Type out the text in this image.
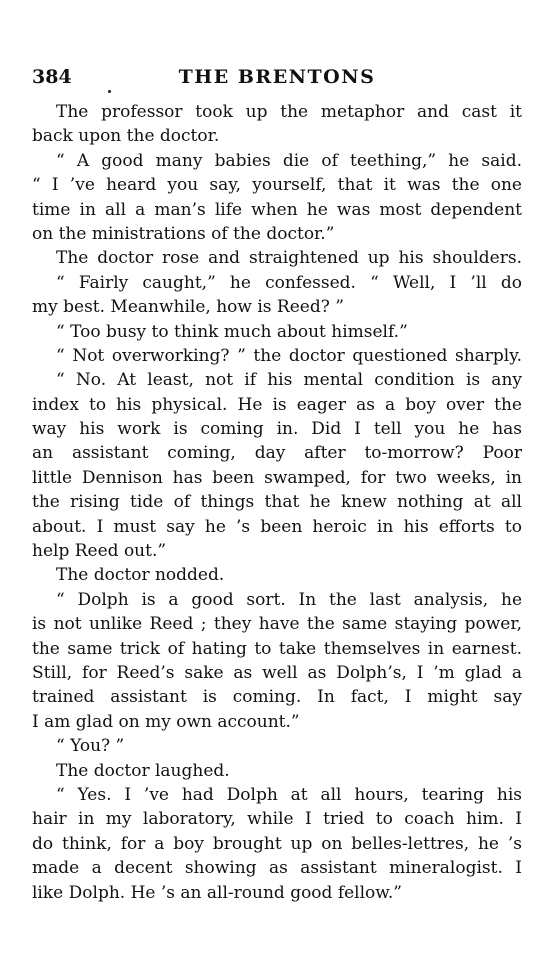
384	THE BRENTONS
The professor took up the metaphor and cast it
back upon the doctor.
“ A good many babies die of teething,” he said.
“ I ’ve heard you say, yourself, that it was the one
time in all a man’s life when he was most dependent
on the ministrations of the doctor.”
The doctor rose and straightened up his shoulders.
“ Fairly caught,” he confessed. “ Well, I ’ll do
my best. Meanwhile, how is Reed? ”
“ Too busy to think much about himself.”
“ Not overworking? ” the doctor questioned sharply.
“ No. At least, not if his mental condition is any
index to his physical. He is eager as a boy over the
way his work is coming in. Did I tell you he has
an assistant coming, day after to-morrow? Poor
little Dennison has been swamped, for two weeks, in
the rising tide of things that he knew nothing at all
about. I must say he ’s been heroic in his efforts to
help Reed out.”
The doctor nodded.
“ Dolph is a good sort. In the last analysis, he
is not unlike Reed ; they have the same staying power,
the same trick of hating to take themselves in earnest.
Still, for Reed’s sake as well as Dolph’s, I ’m glad a
trained assistant is coming. In fact, I might say
I am glad on my own account.”
“ You? ”
The doctor laughed.
“ Yes. I ’ve had Dolph at all hours, tearing his
hair in my laboratory, while I tried to coach him. I
do think, for a boy brought up on belles-lettres, he ’s
made a decent showing as assistant mineralogist. I
like Dolph. He ’s an all-round good fellow.”
